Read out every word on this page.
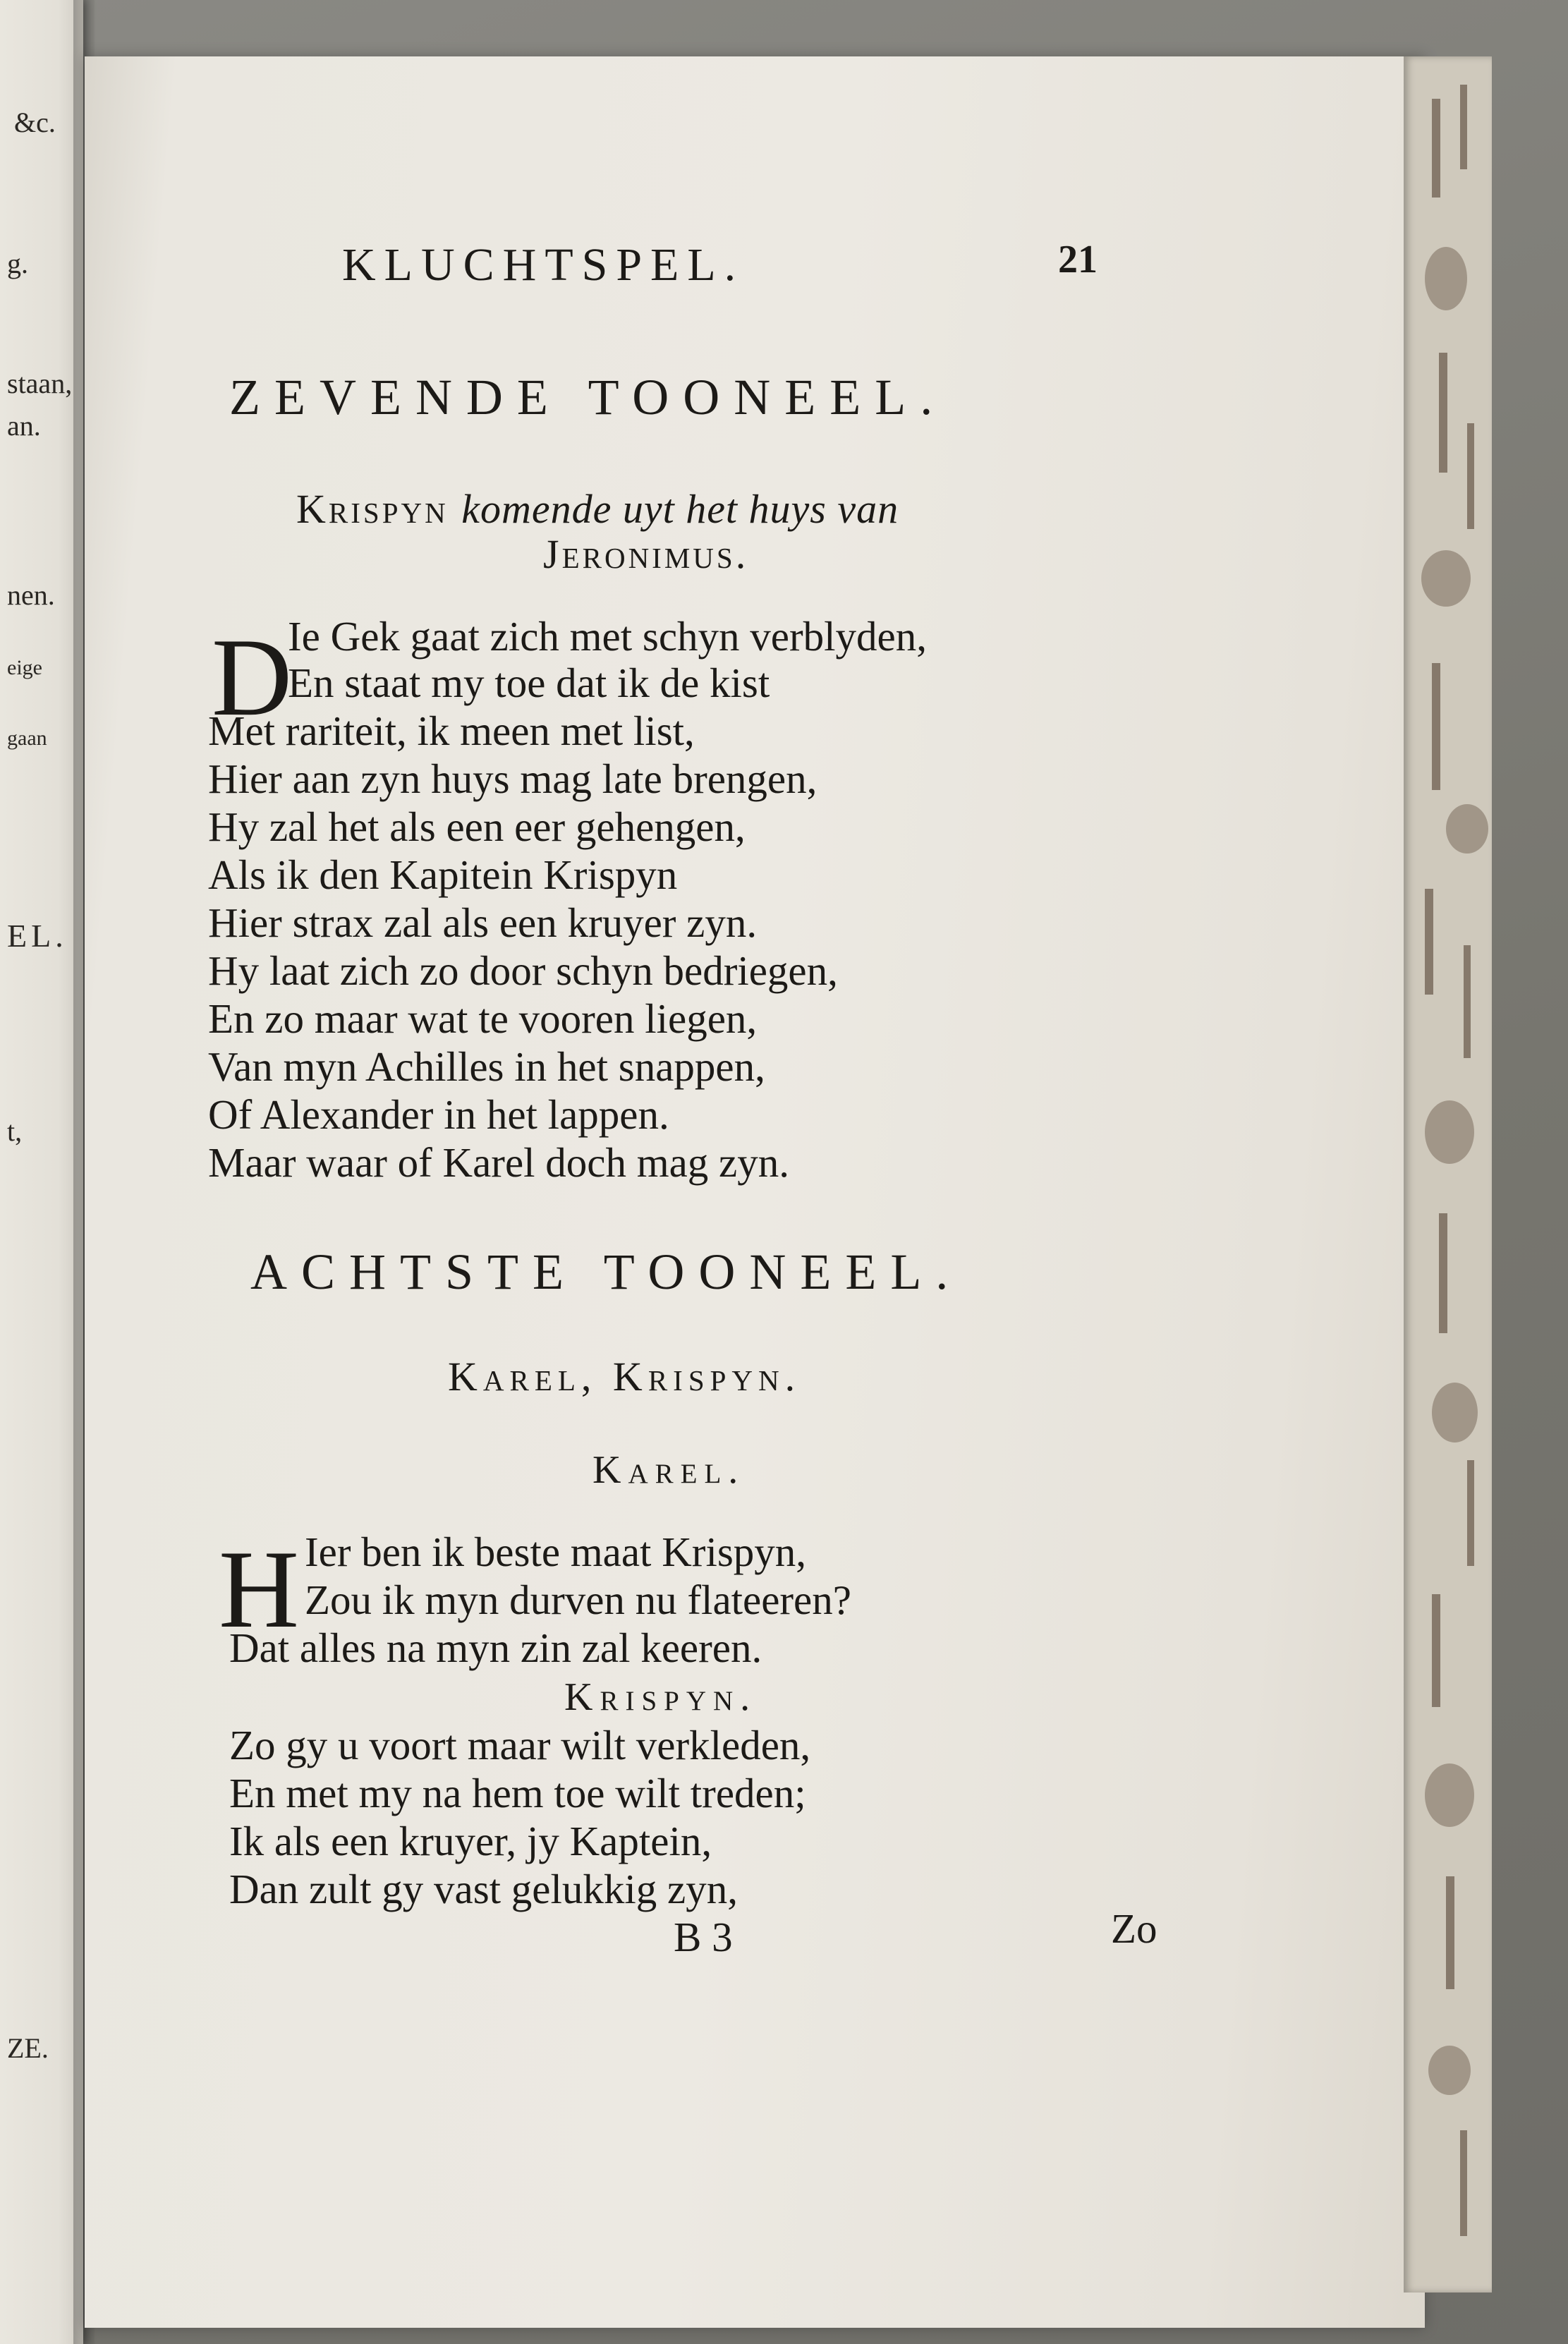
&c.
g.
staan,
an.
nen.
eige
gaan
EL.
t,
ZE.
KLUCHTSPEL.	21
ZEVENDE TOONEEL.
Krispyn komende uyt het huys van
Jeronimus.
D
Ie Gek gaat zich met schyn verblyden,
En staat my toe dat ik de kist
Met rariteit, ik meen met list,
Hier aan zyn huys mag late brengen,
Hy zal het als een eer gehengen,
Als ik den Kapitein Krispyn
Hier strax zal als een kruyer zyn.
Hy laat zich zo door schyn bedriegen,
En zo maar wat te vooren liegen,
Van myn Achilles in het snappen,
Of Alexander in het lappen.
Maar waar of Karel doch mag zyn.
ACHTSTE TOONEEL.
Karel, Krispyn.
Karel.
H Ier ben ik beste maat Krispyn,
Zou ik myn durven nu flateeren?
Dat alles na myn zin zal keeren.
Krispyn.
Zo gy u voort maar wilt verkleden,
En met my na hem toe wilt treden;
Ik als een kruyer, jy Kaptein,
Dan zult gy vast gelukkig zyn,
B 3	Zo
